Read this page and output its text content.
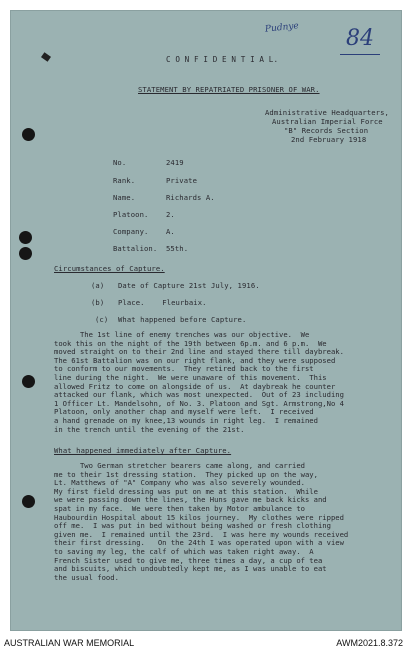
Pudnye 84
C O N F I D E N T I A L.
STATEMENT BY REPATRIATED PRISONER OF WAR.
Administrative Headquarters,
Australian Imperial Force
"B" Records Section
2nd February 1918
No.	2419
Rank.	Private
Name.	Richards A.
Platoon. 2.
Company. A.
Battalion. 55th.
Circumstances of Capture.
(a) Date of Capture 21st July, 1916.
(b) Place.    Fleurbaix.
(c) What happened before Capture.
The 1st line of enemy trenches was our objective.  We
took this on the night of the 19th between 6p.m. and 6 p.m.  We
moved straight on to their 2nd line and stayed there till daybreak.
The 61st Battalion was on our right flank, and they were supposed
to conform to our movements.  They retired back to the first
line during the night.  We were unaware of this movement.  This
allowed Fritz to come on alongside of us.  At daybreak he counter
attacked our flank, which was most unexpected.  Out of 23 including
1 Officer Lt. Mandelsohn, of No. 3. Platoon and Sgt. Armstrong,No 4
Platoon, only another chap and myself were left.  I received
a hand grenade on my knee,13 wounds in right leg.  I remained
in the trench until the evening of the 21st.
What happened immediately after Capture.
Two German stretcher bearers came along, and carried
me to their 1st dressing station.  They picked up on the way,
Lt. Matthews of "A" Company who was also severely wounded.
My first field dressing was put on me at this station.  While
we were passing down the lines, the Huns gave me back kicks and
spat in my face.  We were then taken by Motor ambulance to
Haubourdin Hospital about 15 kilos journey.  My clothes were ripped
off me.  I was put in bed without being washed or fresh clothing
given me.  I remained until the 23rd.  I was here my wounds received
their first dressing.   On the 24th I was operated upon with a view
to saving my leg, the calf of which was taken right away.  A
French Sister used to give me, three times a day, a cup of tea
and biscuits, which undoubtedly kept me, as I was unable to eat
the usual food.
AUSTRALIAN WAR MEMORIAL	AWM2021.8.372
